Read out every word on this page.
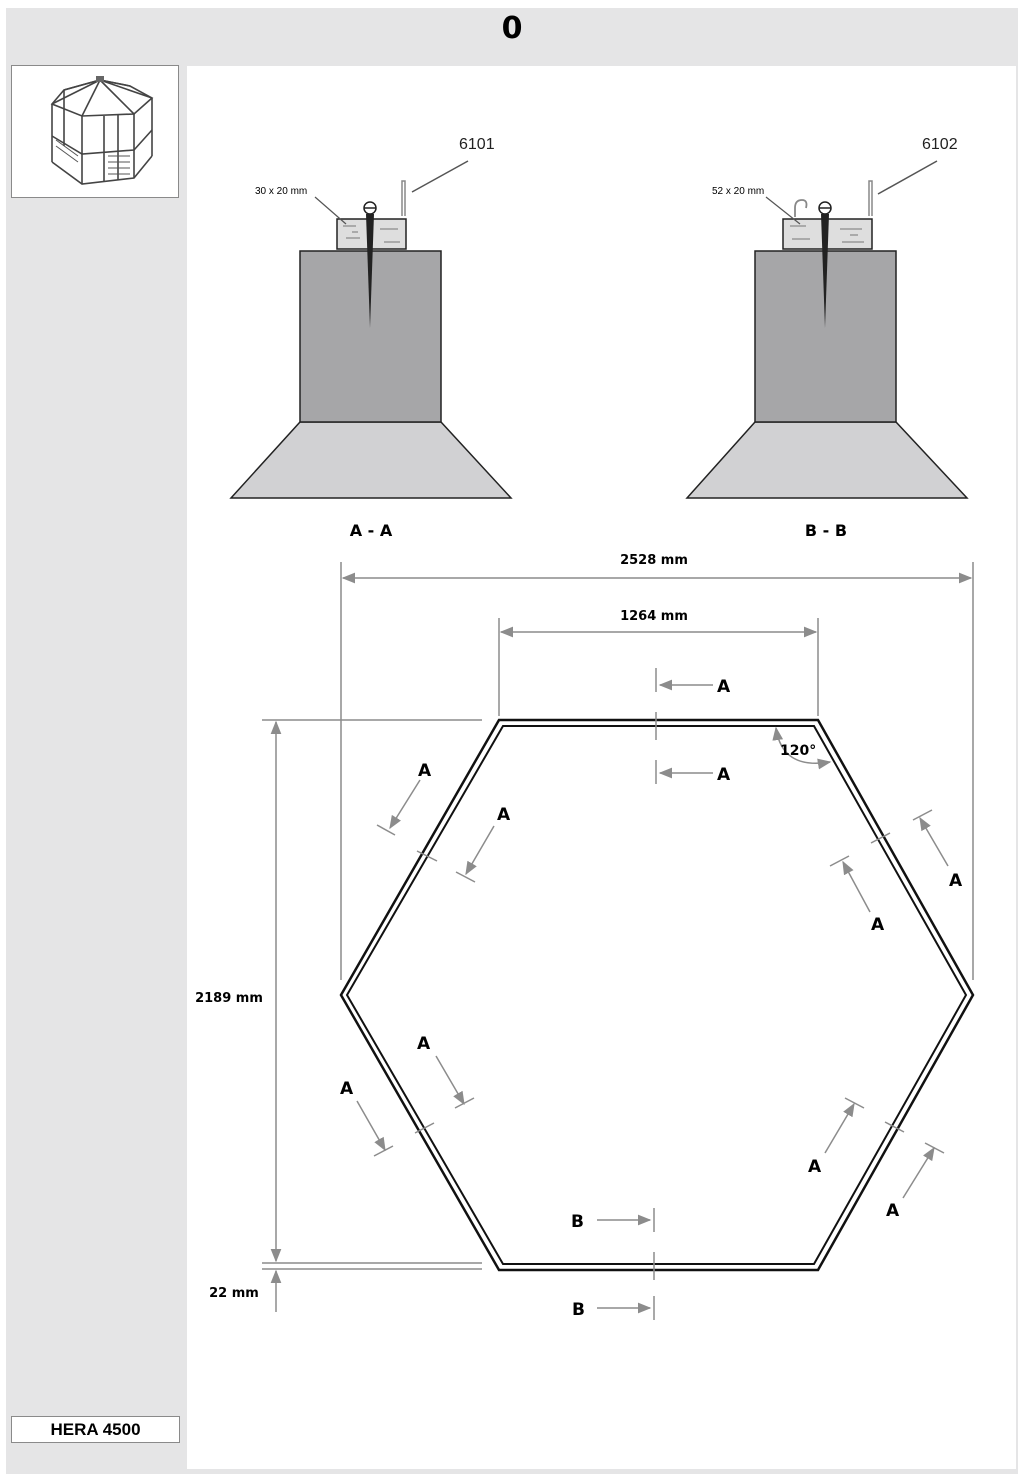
0
HERA 4500
6101
30 x 20 mm
A - A
6102
52 x 20 mm
B - B
2528 mm
1264 mm
2189 mm
22 mm
120°
A
A
A
A
A
A
A
A
A
A
B
B
